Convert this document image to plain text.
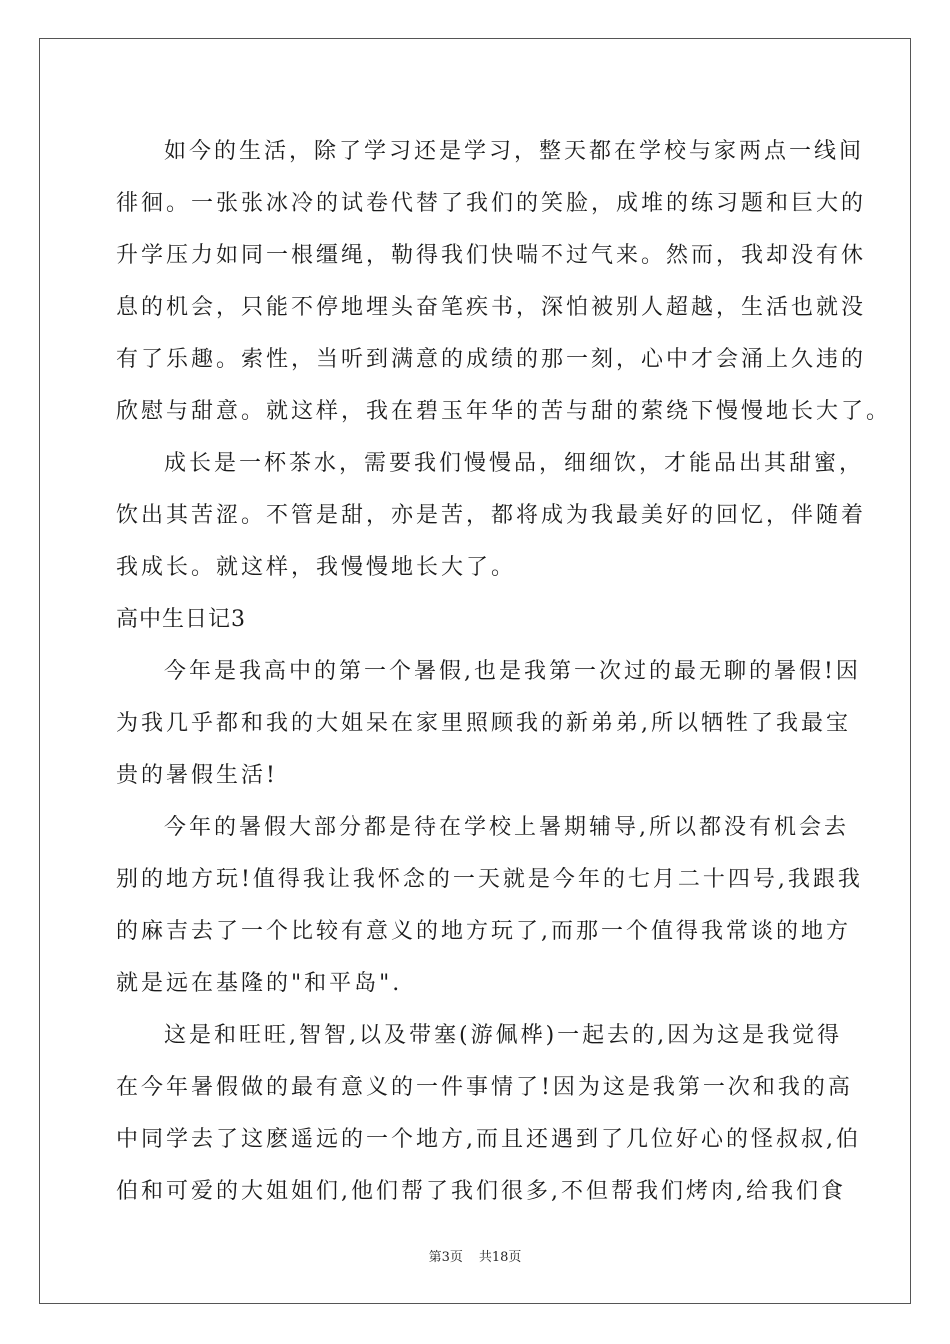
如今的生活，除了学习还是学习，整天都在学校与家两点一线间
徘徊。一张张冰冷的试卷代替了我们的笑脸，成堆的练习题和巨大的
升学压力如同一根缰绳，勒得我们快喘不过气来。然而，我却没有休
息的机会，只能不停地埋头奋笔疾书，深怕被别人超越，生活也就没
有了乐趣。索性，当听到满意的成绩的那一刻，心中才会涌上久违的
欣慰与甜意。就这样，我在碧玉年华的苦与甜的萦绕下慢慢地长大了。
成长是一杯茶水，需要我们慢慢品，细细饮，才能品出其甜蜜，
饮出其苦涩。不管是甜，亦是苦，都将成为我最美好的回忆，伴随着
我成长。就这样，我慢慢地长大了。
高中生日记3
今年是我高中的第一个暑假,也是我第一次过的最无聊的暑假!因
为我几乎都和我的大姐呆在家里照顾我的新弟弟,所以牺牲了我最宝
贵的暑假生活!
今年的暑假大部分都是待在学校上暑期辅导,所以都没有机会去
别的地方玩!值得我让我怀念的一天就是今年的七月二十四号,我跟我
的麻吉去了一个比较有意义的地方玩了,而那一个值得我常谈的地方
就是远在基隆的"和平岛".
这是和旺旺,智智,以及带塞(游佩桦)一起去的,因为这是我觉得
在今年暑假做的最有意义的一件事情了!因为这是我第一次和我的高
中同学去了这麽遥远的一个地方,而且还遇到了几位好心的怪叔叔,伯
伯和可爱的大姐姐们,他们帮了我们很多,不但帮我们烤肉,给我们食
第3页 共18页
